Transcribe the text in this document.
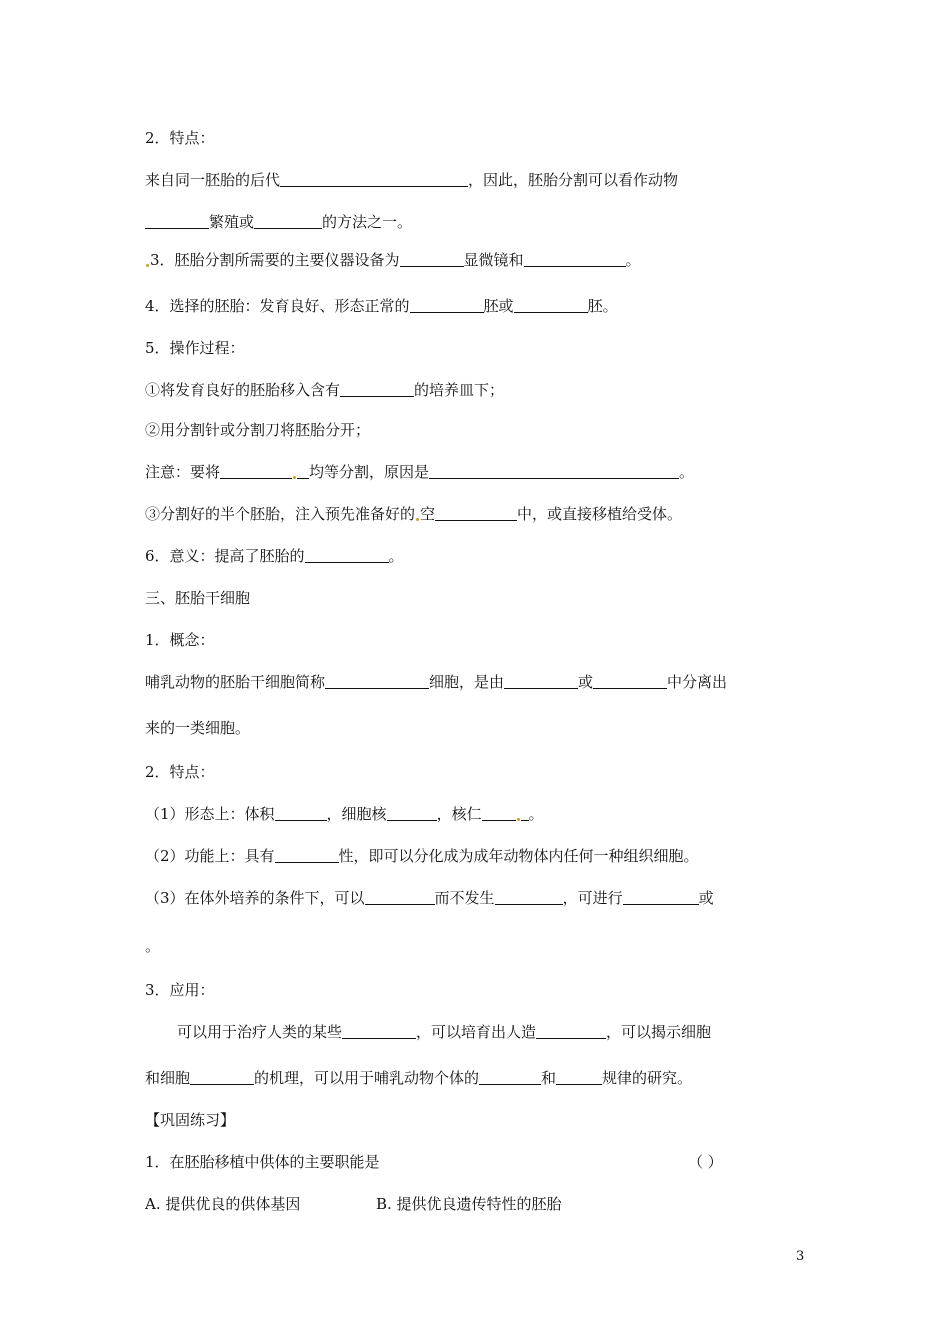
2．特点：
来自同一胚胎的后代	，因此，胚胎分割可以看作动物
繁殖或	的方法之一。
3．胚胎分割所需要的主要仪器设备为	显微镜和	。
4．选择的胚胎：发育良好、形态正常的	胚或	胚。
5．操作过程：
①将发育良好的胚胎移入含有	的培养皿下；
②用分割针或分割刀将胚胎分开；
注意：要将	均等分割，原因是	。
③分割好的半个胚胎，注入预先准备好的 空	中，或直接移植给受体。
6．意义：提高了胚胎的	。
三、胚胎干细胞
1．概念：
哺乳动物的胚胎干细胞简称	细胞，是由	或	中分离出
来的一类细胞。
2．特点：
（1）形态上：体积	，细胞核	，核仁	。
（2）功能上：具有	性，即可以分化成为成年动物体内任何一种组织细胞。
（3）在体外培养的条件下，可以	而不发生	，可进行	或
。
3．应用：
可以用于治疗人类的某些	，可以培育出人造	，可以揭示细胞
和细胞	的机理，可以用于哺乳动物个体的	和	规律的研究。
【巩固练习】
1．在胚胎移植中供体的主要职能是	（ ）
A. 提供优良的供体基因	B. 提供优良遗传特性的胚胎
3
